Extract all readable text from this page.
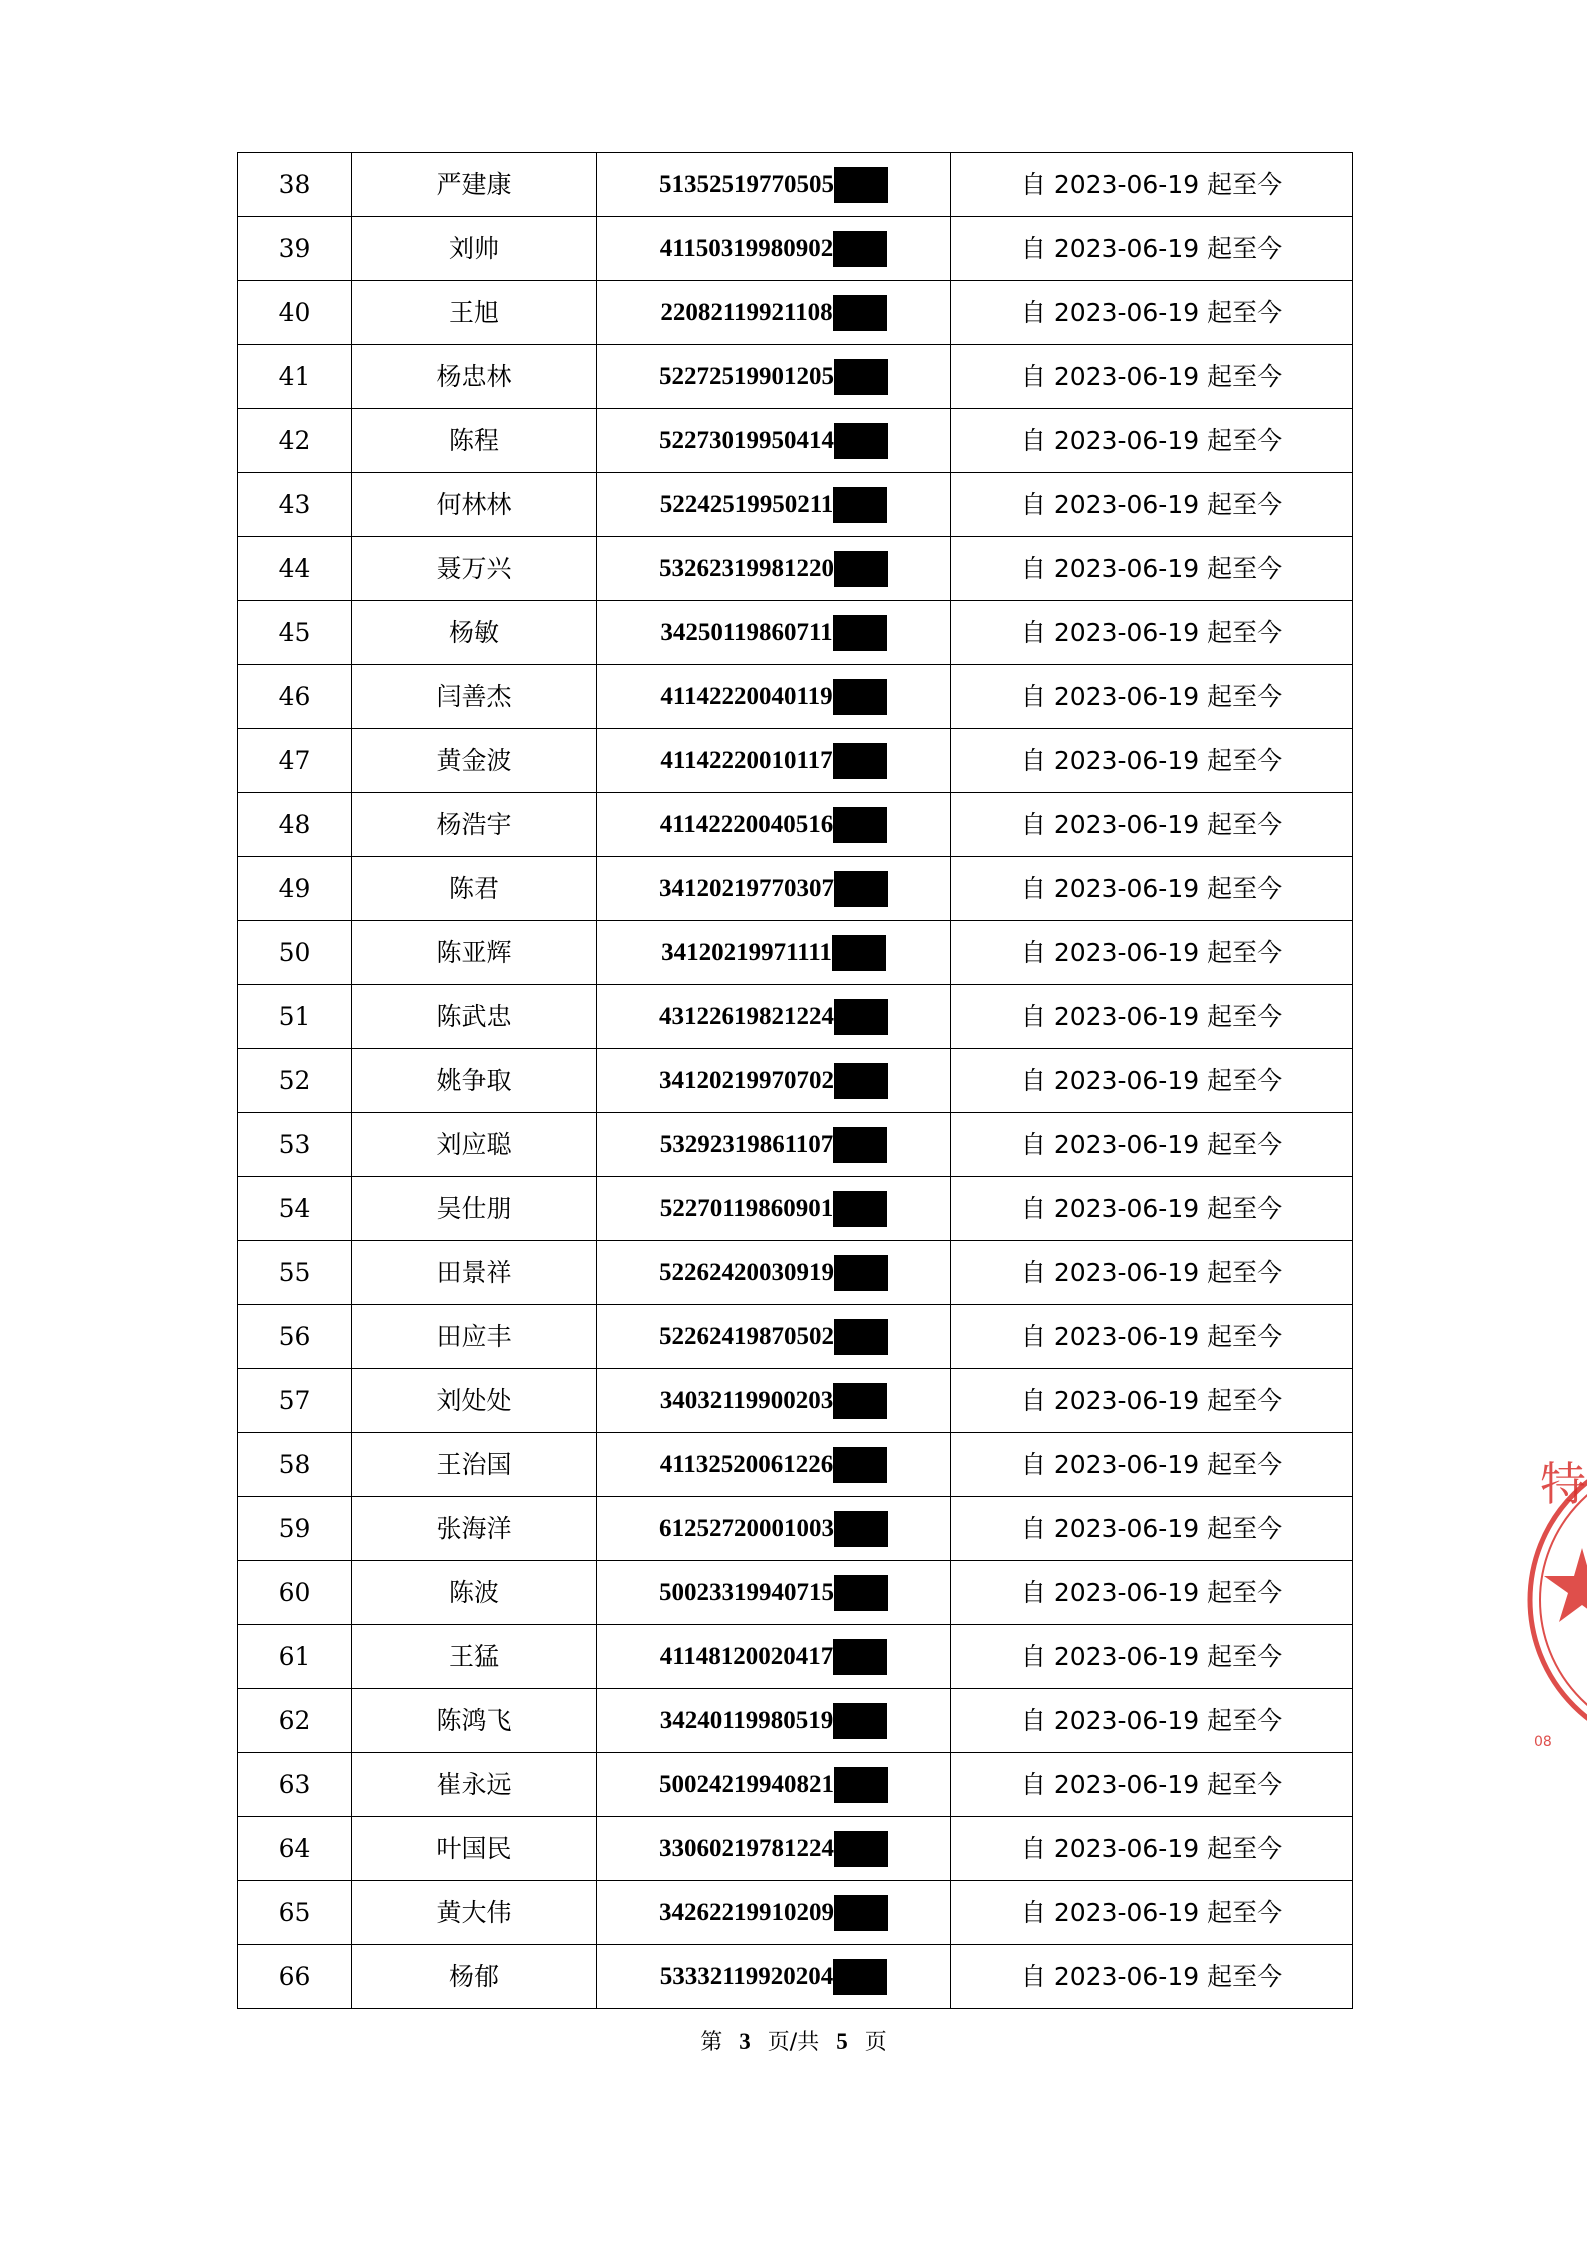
38	严建康	51352519770505	自 2023-06-19 起至今
39	刘帅	41150319980902	自 2023-06-19 起至今
40	王旭	22082119921108	自 2023-06-19 起至今
41	杨忠林	52272519901205	自 2023-06-19 起至今
42	陈程	52273019950414	自 2023-06-19 起至今
43	何林林	52242519950211	自 2023-06-19 起至今
44	聂万兴	53262319981220	自 2023-06-19 起至今
45	杨敏	34250119860711	自 2023-06-19 起至今
46	闫善杰	41142220040119	自 2023-06-19 起至今
47	黄金波	41142220010117	自 2023-06-19 起至今
48	杨浩宇	41142220040516	自 2023-06-19 起至今
49	陈君	34120219770307	自 2023-06-19 起至今
50	陈亚辉	34120219971111	自 2023-06-19 起至今
51	陈武忠	43122619821224	自 2023-06-19 起至今
52	姚争取	34120219970702	自 2023-06-19 起至今
53	刘应聪	53292319861107	自 2023-06-19 起至今
54	吴仕朋	52270119860901	自 2023-06-19 起至今
55	田景祥	52262420030919	自 2023-06-19 起至今
56	田应丰	52262419870502	自 2023-06-19 起至今
57	刘处处	34032119900203	自 2023-06-19 起至今
58	王治国	41132520061226	自 2023-06-19 起至今
59	张海洋	61252720001003	自 2023-06-19 起至今
60	陈波	50023319940715	自 2023-06-19 起至今
61	王猛	41148120020417	自 2023-06-19 起至今
62	陈鸿飞	34240119980519	自 2023-06-19 起至今
63	崔永远	50024219940821	自 2023-06-19 起至今
64	叶国民	33060219781224	自 2023-06-19 起至今
65	黄大伟	34262219910209	自 2023-06-19 起至今
66	杨郁	53332119920204	自 2023-06-19 起至今
第 3 页/共 5 页
特
08
